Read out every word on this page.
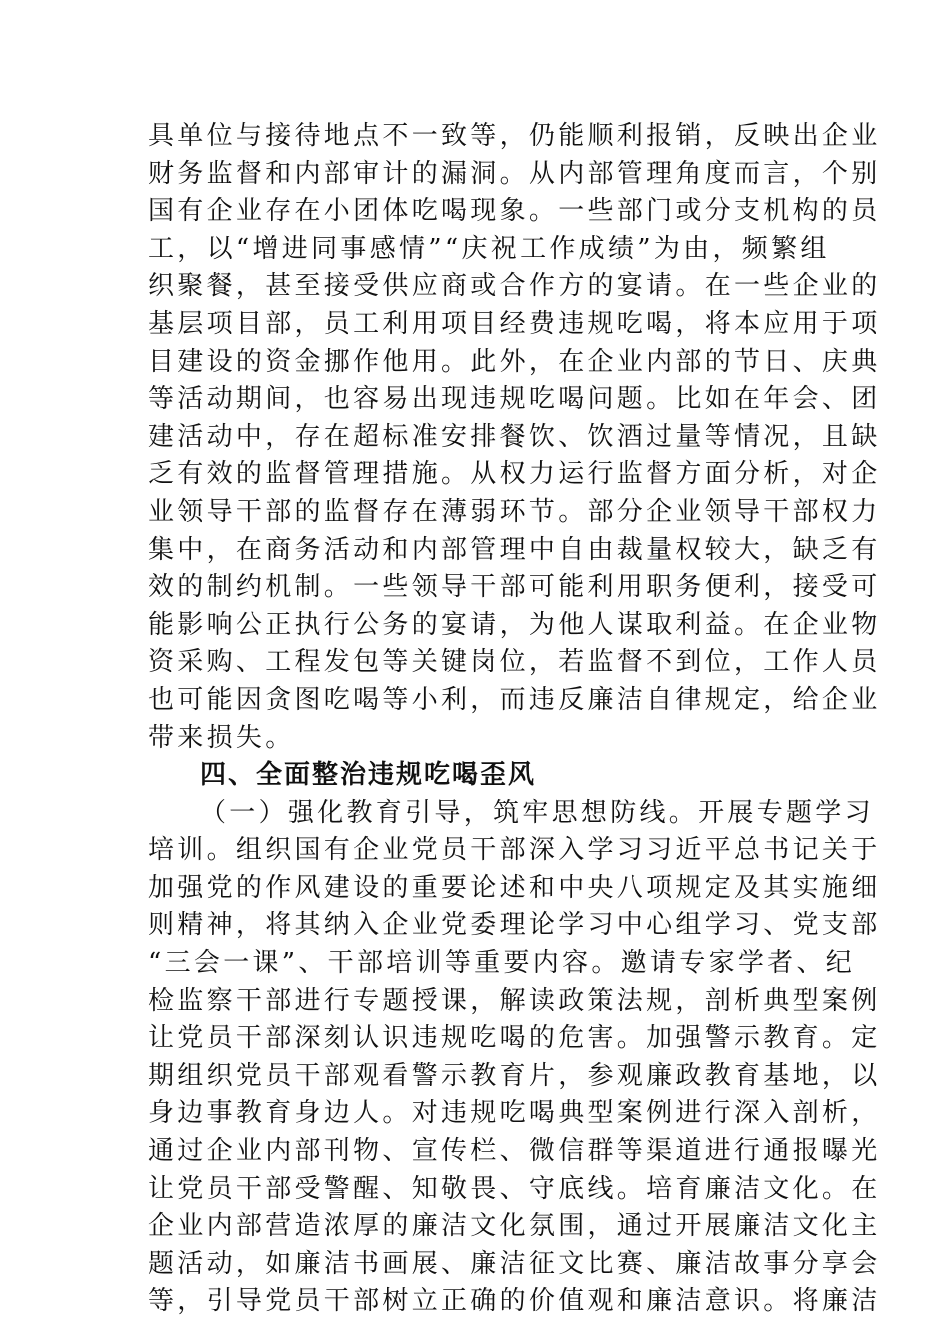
具单位与接待地点不一致等，仍能顺利报销，反映出企业
财务监督和内部审计的漏洞。从内部管理角度而言，个别
国有企业存在小团体吃喝现象。一些部门或分支机构的员
工，以“增进同事感情”“庆祝工作成绩”为由，频繁组
织聚餐，甚至接受供应商或合作方的宴请。在一些企业的
基层项目部，员工利用项目经费违规吃喝，将本应用于项
目建设的资金挪作他用。此外，在企业内部的节日、庆典
等活动期间，也容易出现违规吃喝问题。比如在年会、团
建活动中，存在超标准安排餐饮、饮酒过量等情况，且缺
乏有效的监督管理措施。从权力运行监督方面分析，对企
业领导干部的监督存在薄弱环节。部分企业领导干部权力
集中，在商务活动和内部管理中自由裁量权较大，缺乏有
效的制约机制。一些领导干部可能利用职务便利，接受可
能影响公正执行公务的宴请，为他人谋取利益。在企业物
资采购、工程发包等关键岗位，若监督不到位，工作人员
也可能因贪图吃喝等小利，而违反廉洁自律规定，给企业
带来损失。
四、全面整治违规吃喝歪风
（一）强化教育引导，筑牢思想防线。开展专题学习
培训。组织国有企业党员干部深入学习习近平总书记关于
加强党的作风建设的重要论述和中央八项规定及其实施细
则精神，将其纳入企业党委理论学习中心组学习、党支部
“三会一课”、干部培训等重要内容。邀请专家学者、纪
检监察干部进行专题授课，解读政策法规，剖析典型案例
让党员干部深刻认识违规吃喝的危害。加强警示教育。定
期组织党员干部观看警示教育片，参观廉政教育基地，以
身边事教育身边人。对违规吃喝典型案例进行深入剖析，
通过企业内部刊物、宣传栏、微信群等渠道进行通报曝光
让党员干部受警醒、知敬畏、守底线。培育廉洁文化。在
企业内部营造浓厚的廉洁文化氛围，通过开展廉洁文化主
题活动，如廉洁书画展、廉洁征文比赛、廉洁故事分享会
等，引导党员干部树立正确的价值观和廉洁意识。将廉洁
